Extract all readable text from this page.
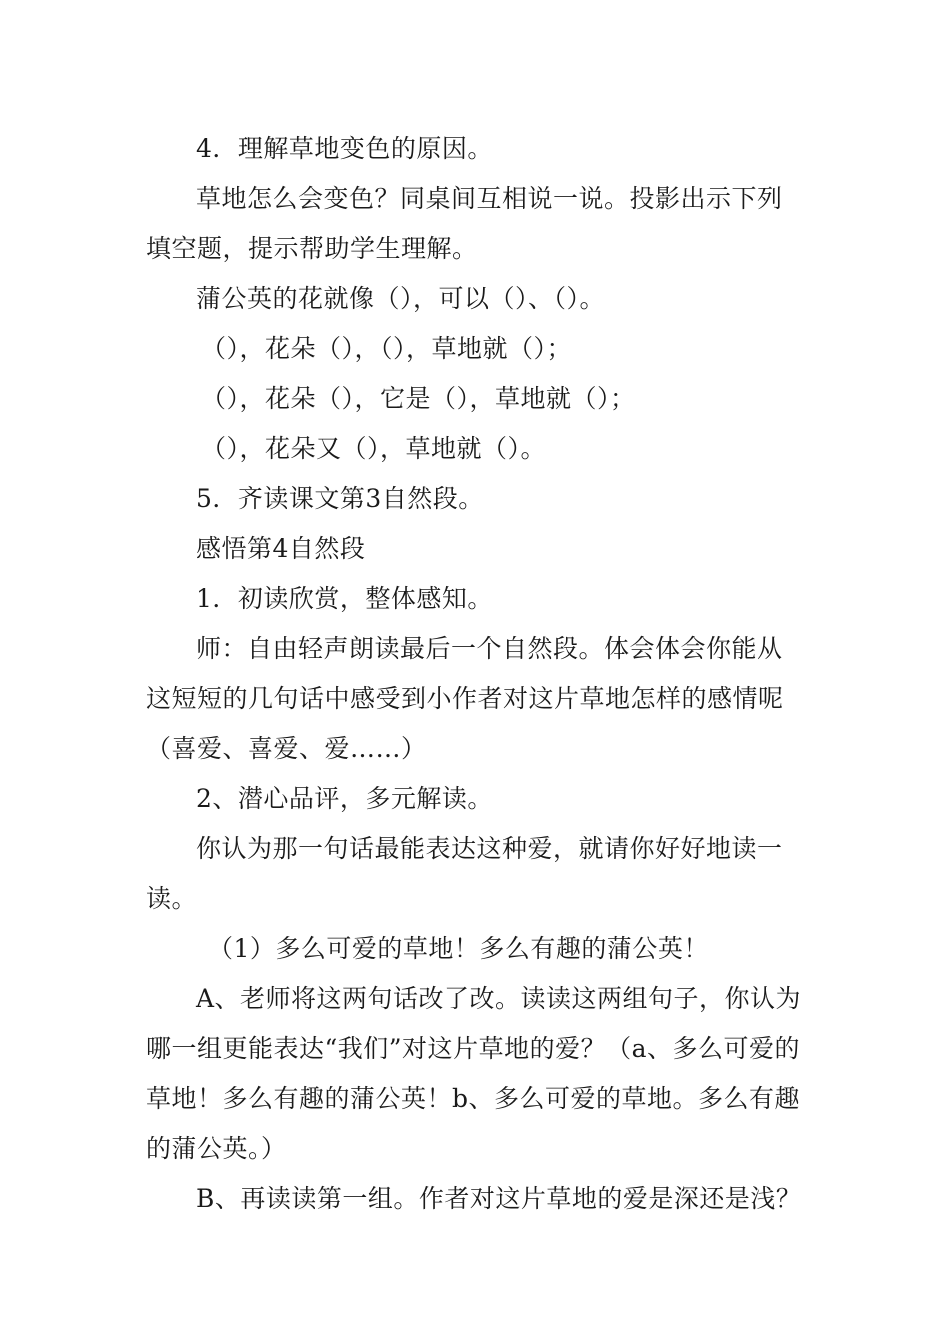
4．理解草地变色的原因。

草地怎么会变色？同桌间互相说一说。投影出示下列填空题，提示帮助学生理解。

蒲公英的花就像（），可以（）、（）。

（），花朵（），（），草地就（）；

（），花朵（），它是（），草地就（）；

（），花朵又（），草地就（）。

5．齐读课文第3自然段。

感悟第4自然段

1．初读欣赏，整体感知。

师：自由轻声朗读最后一个自然段。体会体会你能从这短短的几句话中感受到小作者对这片草地怎样的感情呢（喜爱、喜爱、爱……）

2、潜心品评，多元解读。

你认为那一句话最能表达这种爱，就请你好好地读一读。

（1）多么可爱的草地！多么有趣的蒲公英！

A、老师将这两句话改了改。读读这两组句子，你认为哪一组更能表达“我们”对这片草地的爱？（a、多么可爱的草地！多么有趣的蒲公英！b、多么可爱的草地。多么有趣的蒲公英。）

B、再读读第一组。作者对这片草地的爱是深还是浅？
